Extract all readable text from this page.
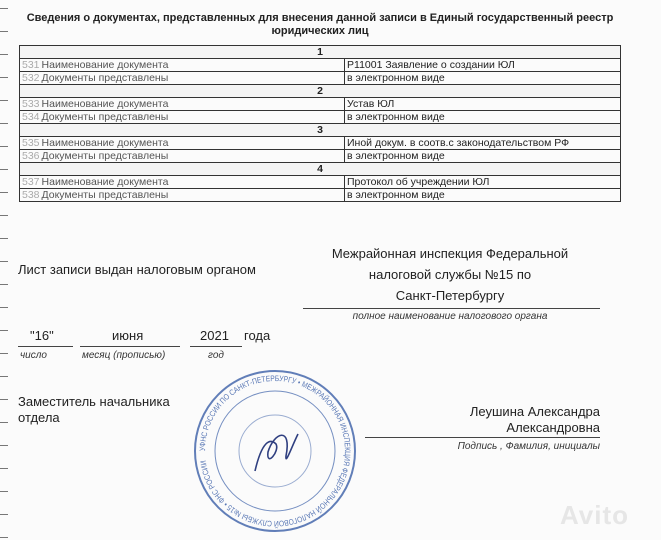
Сведения о документах, представленных для внесения данной записи в Единый государственный реестр юридических лиц
1	
531 Наименование документа	Р11001 Заявление о создании ЮЛ
532 Документы представлены	в электронном виде
2	
533 Наименование документа	Устав ЮЛ
534 Документы представлены	в электронном виде
3	
535 Наименование документа	Иной докум. в соотв.с законодательством РФ
536 Документы представлены	в электронном виде
4	
537 Наименование документа	Протокол об учреждении ЮЛ
538 Документы представлены	в электронном виде
Лист записи выдан налоговым органом
Межрайонная инспекция Федеральной
налоговой службы №15 по
Санкт-Петербургу
полное наименование налогового органа
"16"
число
июня
месяц (прописью)
2021 года
год
Заместитель начальника
отдела
УФНС РОССИИ ПО САНКТ-ПЕТЕРБУРГУ • МЕЖРАЙОННАЯ ИНСПЕКЦИЯ ФЕДЕРАЛЬНОЙ НАЛОГОВОЙ СЛУЖБЫ №15 • ФНС РОССИИ
Леушина Александра
Александровна
Подпись , Фамилия, инициалы
Avito
